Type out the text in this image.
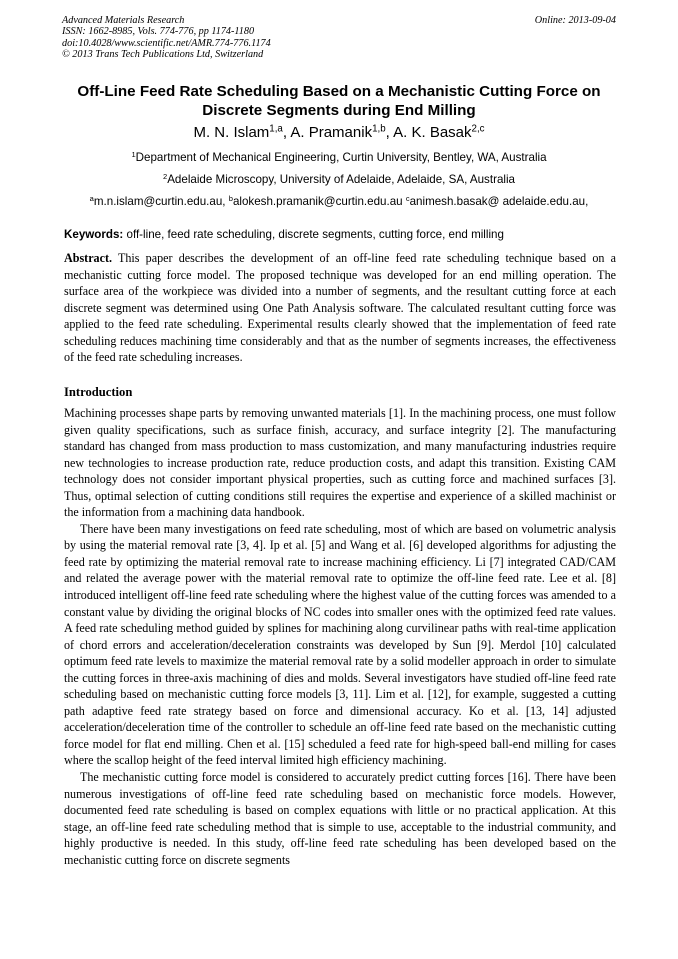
Advanced Materials Research
ISSN: 1662-8985, Vols. 774-776, pp 1174-1180
doi:10.4028/www.scientific.net/AMR.774-776.1174
© 2013 Trans Tech Publications Ltd, Switzerland
Online: 2013-09-04
Off-Line Feed Rate Scheduling Based on a Mechanistic Cutting Force on Discrete Segments during End Milling
M. N. Islam$^{1,a}$, A. Pramanik$^{1,b}$, A. K. Basak$^{2,c}$
$^1$Department of Mechanical Engineering, Curtin University, Bentley, WA, Australia
$^2$Adelaide Microscopy, University of Adelaide, Adelaide, SA, Australia
$^a$m.n.islam@curtin.edu.au, $^b$alokesh.pramanik@curtin.edu.au $^c$animesh.basak@ adelaide.edu.au,
Keywords: off-line, feed rate scheduling, discrete segments, cutting force, end milling
Abstract. This paper describes the development of an off-line feed rate scheduling technique based on a mechanistic cutting force model. The proposed technique was developed for an end milling operation. The surface area of the workpiece was divided into a number of segments, and the resultant cutting force at each discrete segment was determined using One Path Analysis software. The calculated resultant cutting force was applied to the feed rate scheduling. Experimental results clearly showed that the implementation of feed rate scheduling reduces machining time considerably and that as the number of segments increases, the effectiveness of the feed rate scheduling increases.
Introduction

Machining processes shape parts by removing unwanted materials [1]. In the machining process, one must follow given quality specifications, such as surface finish, accuracy, and surface integrity [2]. The manufacturing standard has changed from mass production to mass customization, and many manufacturing industries require new technologies to increase production rate, reduce production costs, and adapt this transition. Existing CAM technology does not consider important physical properties, such as cutting force and machined surfaces [3]. Thus, optimal selection of cutting conditions still requires the expertise and experience of a skilled machinist or the information from a machining data handbook.

There have been many investigations on feed rate scheduling, most of which are based on volumetric analysis by using the material removal rate [3, 4]. Ip et al. [5] and Wang et al. [6] developed algorithms for adjusting the feed rate by optimizing the material removal rate to increase machining efficiency. Li [7] integrated CAD/CAM and related the average power with the material removal rate to optimize the off-line feed rate. Lee et al. [8] introduced intelligent off-line feed rate scheduling where the highest value of the cutting forces was amended to a constant value by dividing the original blocks of NC codes into smaller ones with the optimized feed rate values. A feed rate scheduling method guided by splines for machining along curvilinear paths with real-time application of chord errors and acceleration/deceleration constraints was developed by Sun [9]. Merdol [10] calculated optimum feed rate levels to maximize the material removal rate by a solid modeller approach in order to simulate the cutting forces in three-axis machining of dies and molds. Several investigators have studied off-line feed rate scheduling based on mechanistic cutting force models [3, 11]. Lim et al. [12], for example, suggested a cutting path adaptive feed rate strategy based on force and dimensional accuracy. Ko et al. [13, 14] adjusted acceleration/deceleration time of the controller to schedule an off-line feed rate based on the mechanistic cutting force model for flat end milling. Chen et al. [15] scheduled a feed rate for high-speed ball-end milling for cases where the scallop height of the feed interval limited high efficiency machining.

The mechanistic cutting force model is considered to accurately predict cutting forces [16]. There have been numerous investigations of off-line feed rate scheduling based on mechanistic force models. However, documented feed rate scheduling is based on complex equations with little or no practical application. At this stage, an off-line feed rate scheduling method that is simple to use, acceptable to the industrial community, and highly productive is needed. In this study, off-line feed rate scheduling has been developed based on the mechanistic cutting force on discrete segments
